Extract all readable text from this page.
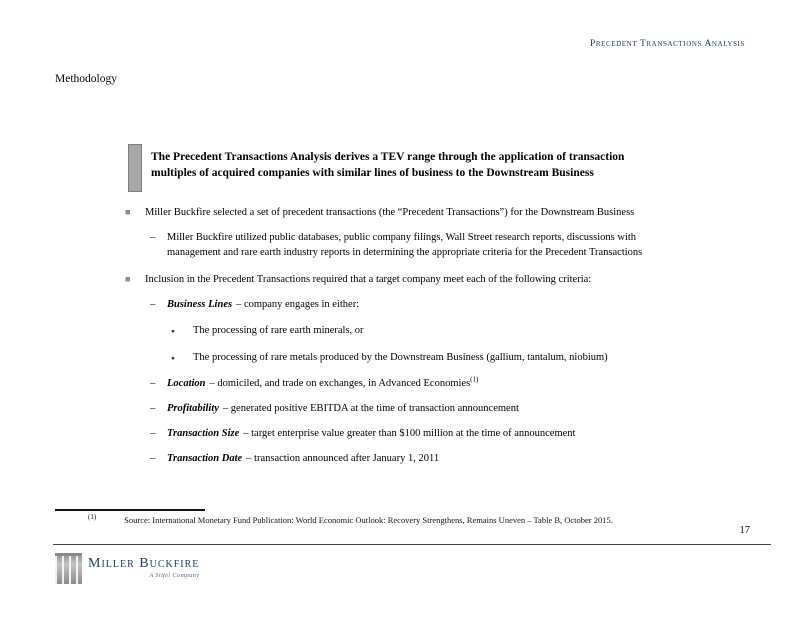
Precedent Transactions Analysis
Methodology
The Precedent Transactions Analysis derives a TEV range through the application of transaction multiples of acquired companies with similar lines of business to the Downstream Business
■	Miller Buckfire selected a set of precedent transactions (the “Precedent Transactions”) for the Downstream Business
–	Miller Buckfire utilized public databases, public company filings, Wall Street research reports, discussions with management and rare earth industry reports in determining the appropriate criteria for the Precedent Transactions
■	Inclusion in the Precedent Transactions required that a target company meet each of the following criteria:
–	Business Lines – company engages in either:
●	The processing of rare earth minerals, or
●	The processing of rare metals produced by the Downstream Business (gallium, tantalum, niobium)
–	Location – domiciled, and trade on exchanges, in Advanced Economies$^{(1)}$
–	Profitability – generated positive EBITDA at the time of transaction announcement
–	Transaction Size – target enterprise value greater than $100 million at the time of announcement
–	Transaction Date – transaction announced after January 1, 2011
$^{(1)}$	Source: International Monetary Fund Publication: World Economic Outlook: Recovery Strengthens, Remains Uneven – Table B, October 2015.
17
Miller Buckfire
A Stifel Company
